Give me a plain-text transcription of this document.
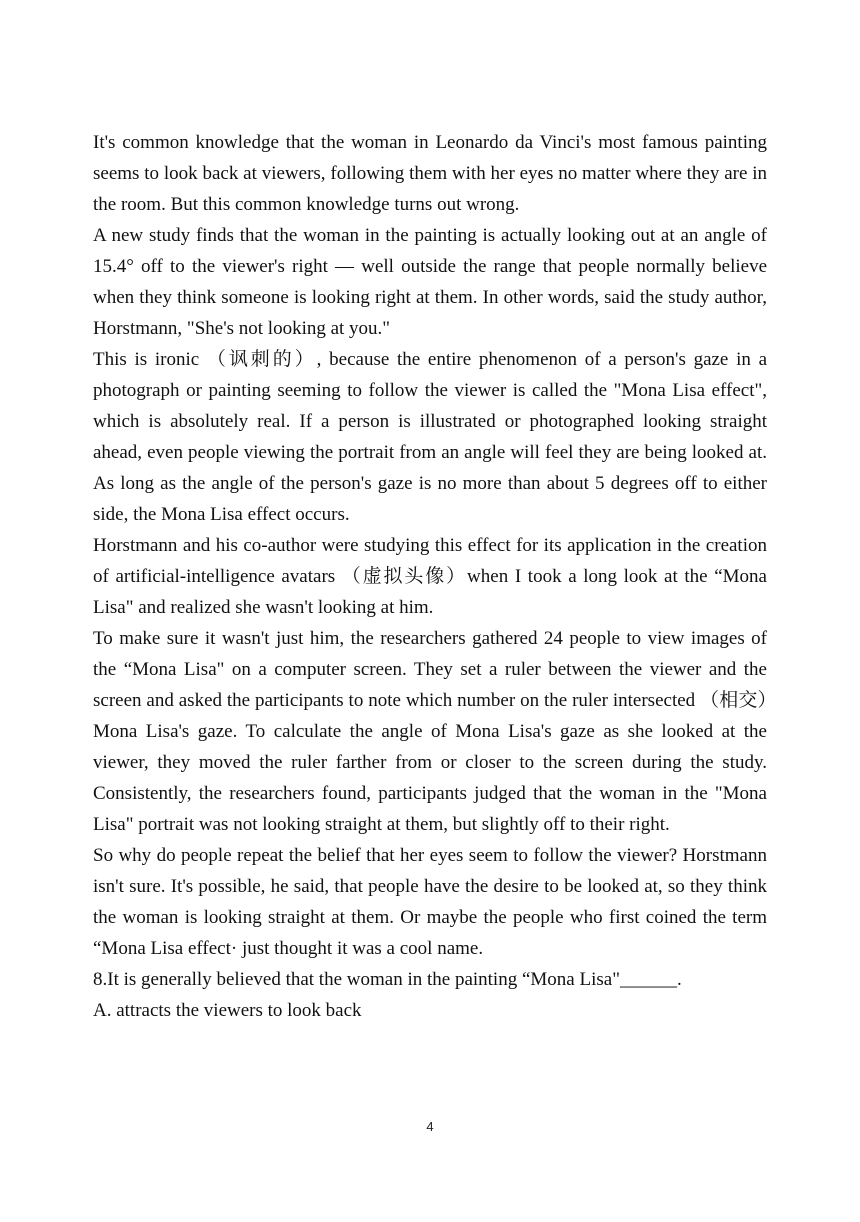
It's common knowledge that the woman in Leonardo da Vinci's most famous painting seems to look back at viewers, following them with her eyes no matter where they are in the room. But this common knowledge turns out wrong.

A new study finds that the woman in the painting is actually looking out at an angle of 15.4° off to the viewer's right — well outside the range that people normally believe when they think someone is looking right at them. In other words, said the study author, Horstmann, "She's not looking at you."

This is ironic （讽刺的）, because the entire phenomenon of a person's gaze in a photograph or painting seeming to follow the viewer is called the "Mona Lisa effect", which is absolutely real. If a person is illustrated or photographed looking straight ahead, even people viewing the portrait from an angle will feel they are being looked at. As long as the angle of the person's gaze is no more than about 5 degrees off to either side, the Mona Lisa effect occurs.

Horstmann and his co-author were studying this effect for its application in the creation of artificial-intelligence avatars （虚拟头像）when I took a long look at the “Mona Lisa" and realized she wasn't looking at him.

To make sure it wasn't just him, the researchers gathered 24 people to view images of the “Mona Lisa" on a computer screen. They set a ruler between the viewer and the screen and asked the participants to note which number on the ruler intersected （相交）Mona Lisa's gaze. To calculate the angle of Mona Lisa's gaze as she looked at the viewer, they moved the ruler farther from or closer to the screen during the study. Consistently, the researchers found, participants judged that the woman in the "Mona Lisa" portrait was not looking straight at them, but slightly off to their right.

So why do people repeat the belief that her eyes seem to follow the viewer? Horstmann isn't sure. It's possible, he said, that people have the desire to be looked at, so they think the woman is looking straight at them. Or maybe the people who first coined the term “Mona Lisa effect· just thought it was a cool name.

8.It is generally believed that the woman in the painting “Mona Lisa"______.

A. attracts the viewers to look back

4
